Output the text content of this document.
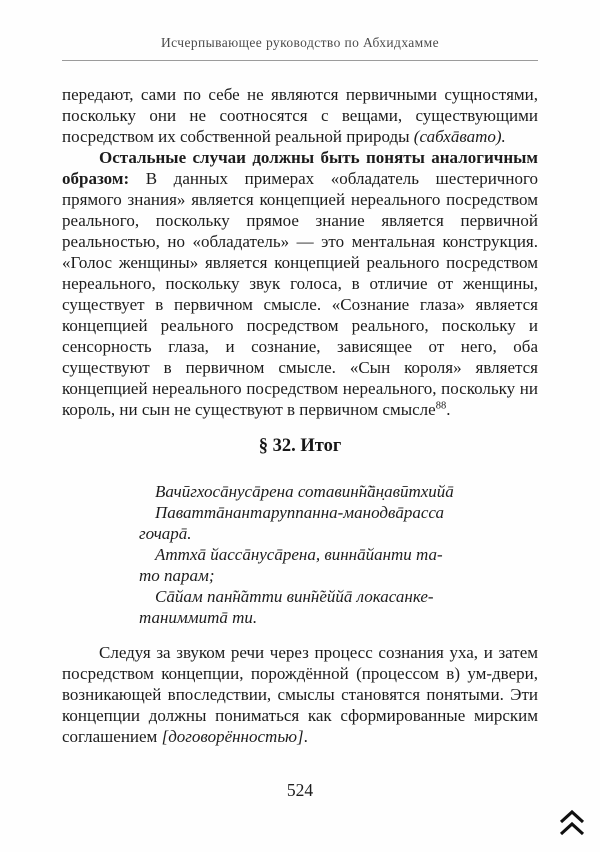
Исчерпывающее руководство по Абхидхамме

передают, сами по себе не являются первичными сущностями, поскольку они не соотносятся с вещами, существующими посредством их собственной реальной природы (сабхāвато).

Остальные случаи должны быть поняты аналогичным образом: В данных примерах «обладатель шестеричного прямого знания» является концепцией нереального посредством реального, поскольку прямое знание является первичной реальностью, но «обладатель» — это ментальная конструкция. «Голос женщины» является концепцией реального посредством нереального, поскольку звук голоса, в отличие от женщины, существует в первичном смысле. «Сознание глаза» является концепцией реального посредством реального, поскольку и сенсорность глаза, и сознание, зависящее от него, оба существуют в первичном смысле. «Сын короля» является концепцией нереального посредством нереального, поскольку ни король, ни сын не существуют в первичном смысле$^{88}$.

§ 32. Итог
Вачӣгхосāнусāрена сотавин̃н̃āн̣авӣтхийā
Паваттāнантаруппанна-манодвāрасса
гочарā.
Аттхā йассāнусāрена, виннāйанти та-
то парам;
Сāйам пан̃н̃атти вин̃н̃еййā локасанке-
таниммитā ти.

Следуя за звуком речи через процесс сознания уха, и затем посредством концепции, порождённой (процессом в) ум-двери, возникающей впоследствии, смыслы становятся понятыми. Эти концепции должны пониматься как сформированные мирским соглашением [договорённостью].

524
